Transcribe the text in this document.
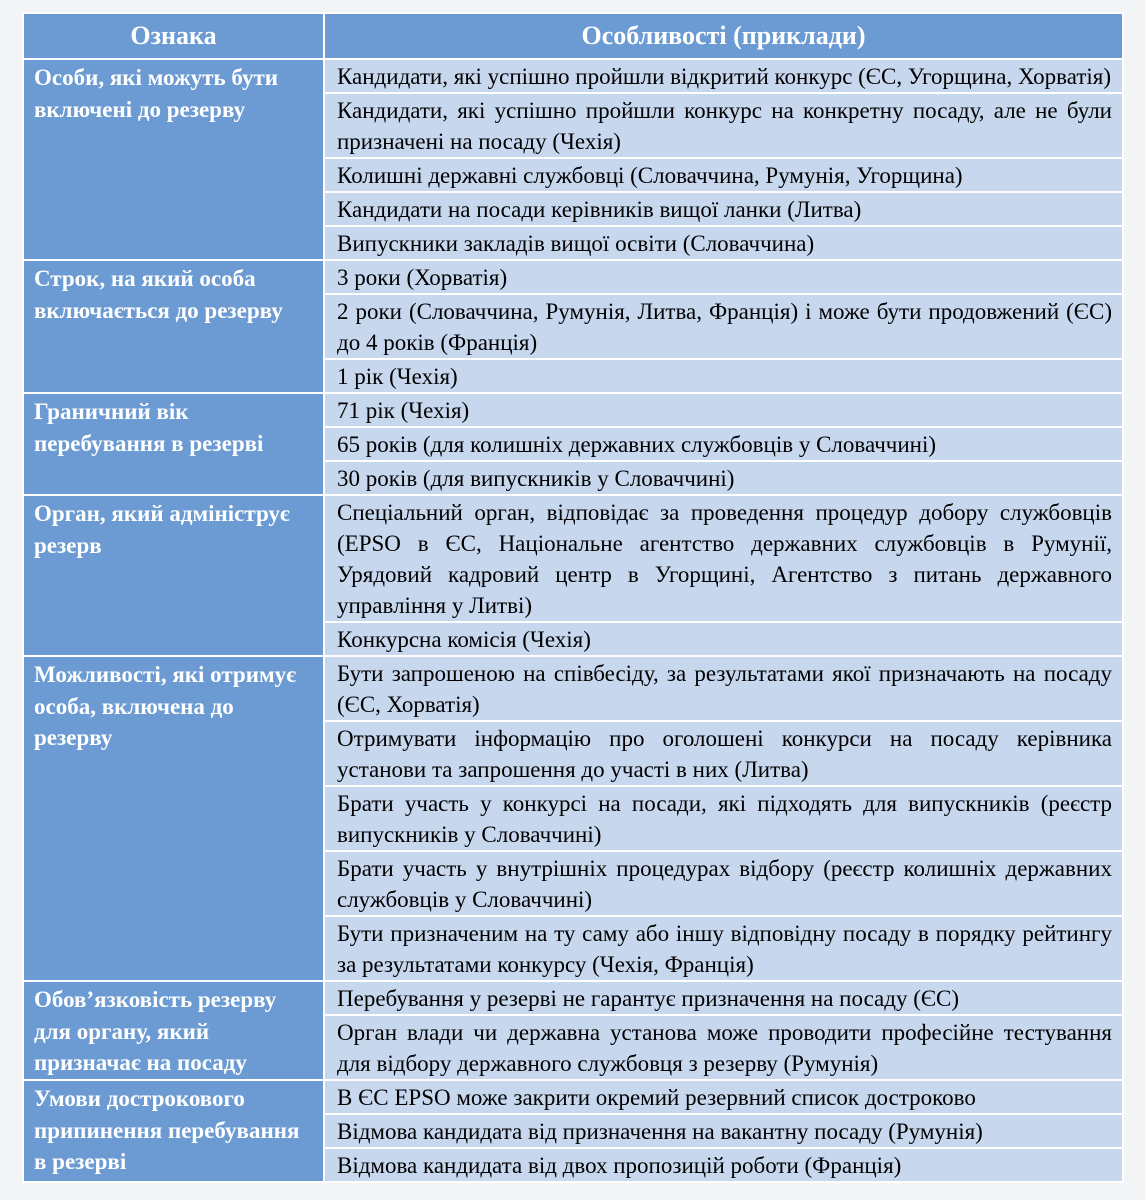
Ознака	Особливості (приклади)
Особи, які можуть бути включені до резерву	Кандидати, які успішно пройшли відкритий конкурс (ЄС, Угорщина, Хорватія)
	Кандидати, які успішно пройшли конкурс на конкретну посаду, але не були призначені на посаду (Чехія)
	Колишні державні службовці (Словаччина, Румунія, Угорщина)
	Кандидати на посади керівників вищої ланки (Литва)
	Випускники закладів вищої освіти (Словаччина)
Строк, на який особа включається до резерву	3 роки (Хорватія)
	2 роки (Словаччина, Румунія, Литва, Франція) і може бути продовжений (ЄС) до 4 років (Франція)
	1 рік (Чехія)
Граничний вік перебування в резерві	71 рік (Чехія)
	65 років (для колишніх державних службовців у Словаччині)
	30 років (для випускників у Словаччині)
Орган, який адмініструє резерв	Спеціальний орган, відповідає за проведення процедур добору службовців (EPSO в ЄС, Національне агентство державних службовців в Румунії, Урядовий кадровий центр в Угорщині, Агентство з питань державного управління у Литві)
	Конкурсна комісія (Чехія)
Можливості, які отримує особа, включена до резерву	Бути запрошеною на співбесіду, за результатами якої призначають на посаду (ЄС, Хорватія)
	Отримувати інформацію про оголошені конкурси на посаду керівника установи та запрошення до участі в них (Литва)
	Брати участь у конкурсі на посади, які підходять для випускників (реєстр випускників у Словаччині)
	Брати участь у внутрішніх процедурах відбору (реєстр колишніх державних службовців у Словаччині)
	Бути призначеним на ту саму або іншу відповідну посаду в порядку рейтингу за результатами конкурсу (Чехія, Франція)
Обов’язковість резерву для органу, який призначає на посаду	Перебування у резерві не гарантує призначення на посаду (ЄС)
	Орган влади чи державна установа може проводити професійне тестування для відбору державного службовця з резерву (Румунія)
Умови дострокового припинення перебування в резерві	В ЄС EPSO може закрити окремий резервний список достроково
	Відмова кандидата від призначення на вакантну посаду (Румунія)
	Відмова кандидата від двох пропозицій роботи (Франція)
